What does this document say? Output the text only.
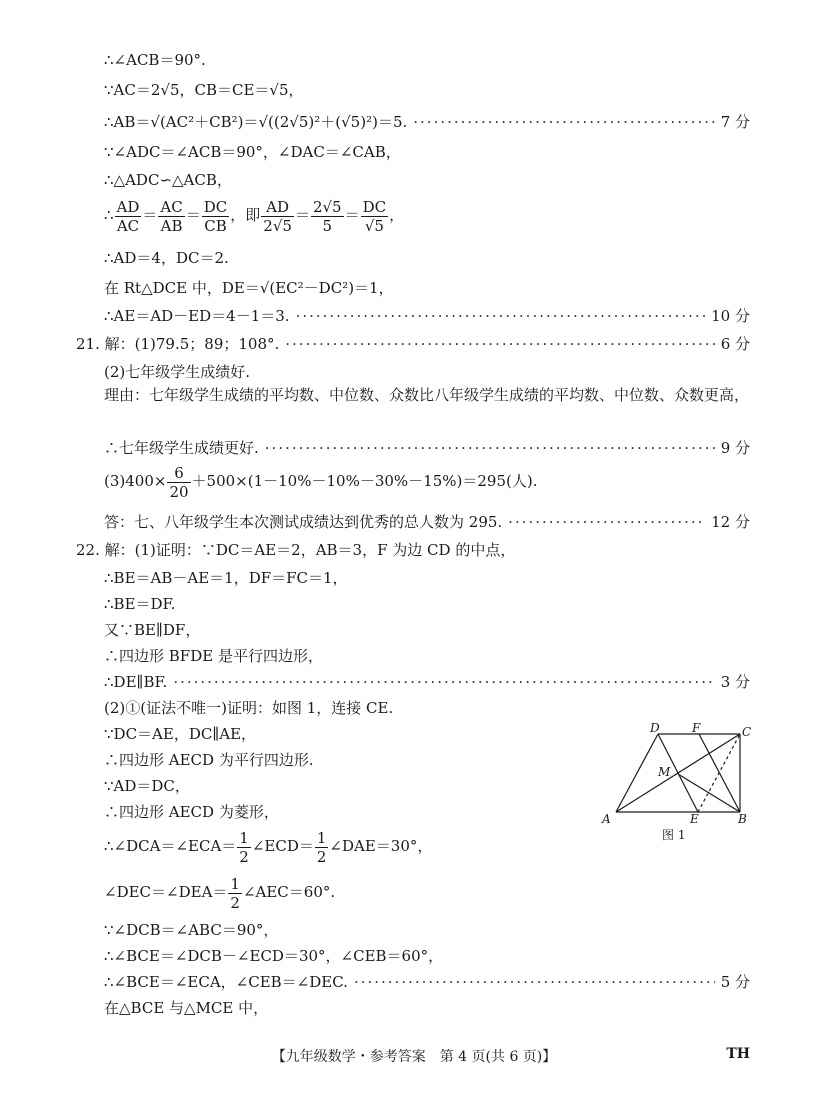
∴∠ACB＝90°.
∵AC＝2√5，CB＝CE＝√5，
∴AB＝√(AC²＋CB²)＝√((2√5)²＋(√5)²)＝5. ·····	7 分
∵∠ADC＝∠ACB＝90°，∠DAC＝∠CAB，
∴△ADC∽△ACB，
∴ $\frac{AD}{AC} = \frac{AC}{AB} = \frac{DC}{CB}$ ，即 $\frac{AD}{2√5} = \frac{2√5}{5} = \frac{DC}{√5}$ ，
∴AD＝4，DC＝2.
在 Rt△DCE 中，DE＝√(EC²－DC²)＝1，
∴AE＝AD－ED＝4－1＝3. ·····	10 分
21. 解：(1)79.5；89；108°. ·····	6 分
(2)七年级学生成绩好.
理由：七年级学生成绩的平均数、中位数、众数比八年级学生成绩的平均数、中位数、众数更高，
∴七年级学生成绩更好. ·····	9 分
$(3)400\times \frac{6}{20} +500\times(1-10\%-10\%-30\%-15\%)=295$(人).
答：七、八年级学生本次测试成绩达到优秀的总人数为 295. ·····	12 分
22. 解：(1)证明：∵DC＝AE＝2，AB＝3，F 为边 CD 的中点，
∴BE＝AB－AE＝1，DF＝FC＝1，
∴BE＝DF.
又∵BE∥DF，
∴四边形 BFDE 是平行四边形，
∴DE∥BF. ·····	3 分
(2)①(证法不唯一)证明：如图 1，连接 CE.
∵DC＝AE，DC∥AE，
∴四边形 AECD 为平行四边形.
∵AD＝DC，
∴四边形 AECD 为菱形，
∴∠DCA＝∠ECA＝ $\frac{1}{2}$ ∠ECD＝ $\frac{1}{2}$ ∠DAE＝30°，
∠DEC＝∠DEA＝ $\frac{1}{2}$ ∠AEC＝60°.
∵∠DCB＝∠ABC＝90°，
∴∠BCE＝∠DCB－∠ECD＝30°，∠CEB＝60°，
∴∠BCE＝∠ECA，∠CEB＝∠DEC. ·····	5 分
在△BCE 与△MCE 中，
A	B
C
D
E
F
M
图 1
【九年级数学・参考答案　第 4 页(共 6 页)】	TH
